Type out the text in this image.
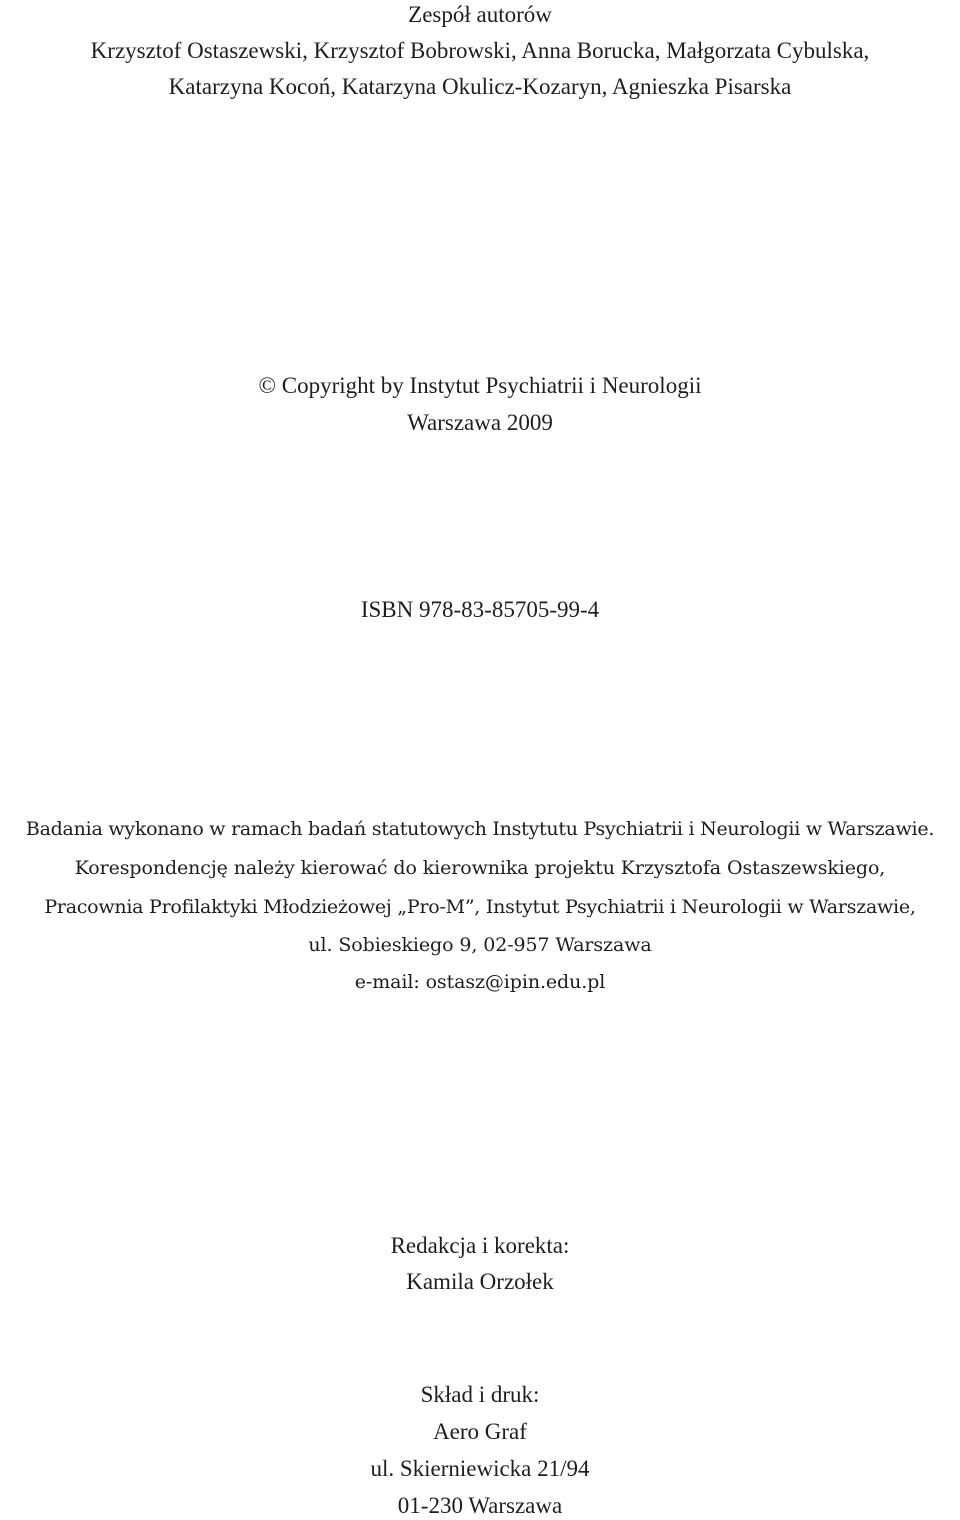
Zespół autorów
Krzysztof Ostaszewski, Krzysztof Bobrowski, Anna Borucka, Małgorzata Cybulska,
Katarzyna Kocoń, Katarzyna Okulicz-Kozaryn, Agnieszka Pisarska
© Copyright by Instytut Psychiatrii i Neurologii
Warszawa 2009
ISBN 978-83-85705-99-4
Badania wykonano w ramach badań statutowych Instytutu Psychiatrii i Neurologii w Warszawie.
Korespondencję należy kierować do kierownika projektu Krzysztofa Ostaszewskiego,
Pracownia Profilaktyki Młodzieżowej „Pro-M”, Instytut Psychiatrii i Neurologii w Warszawie,
ul. Sobieskiego 9, 02-957 Warszawa
e-mail: ostasz@ipin.edu.pl
Redakcja i korekta:
Kamila Orzołek
Skład i druk:
Aero Graf
ul. Skierniewicka 21/94
01-230 Warszawa
